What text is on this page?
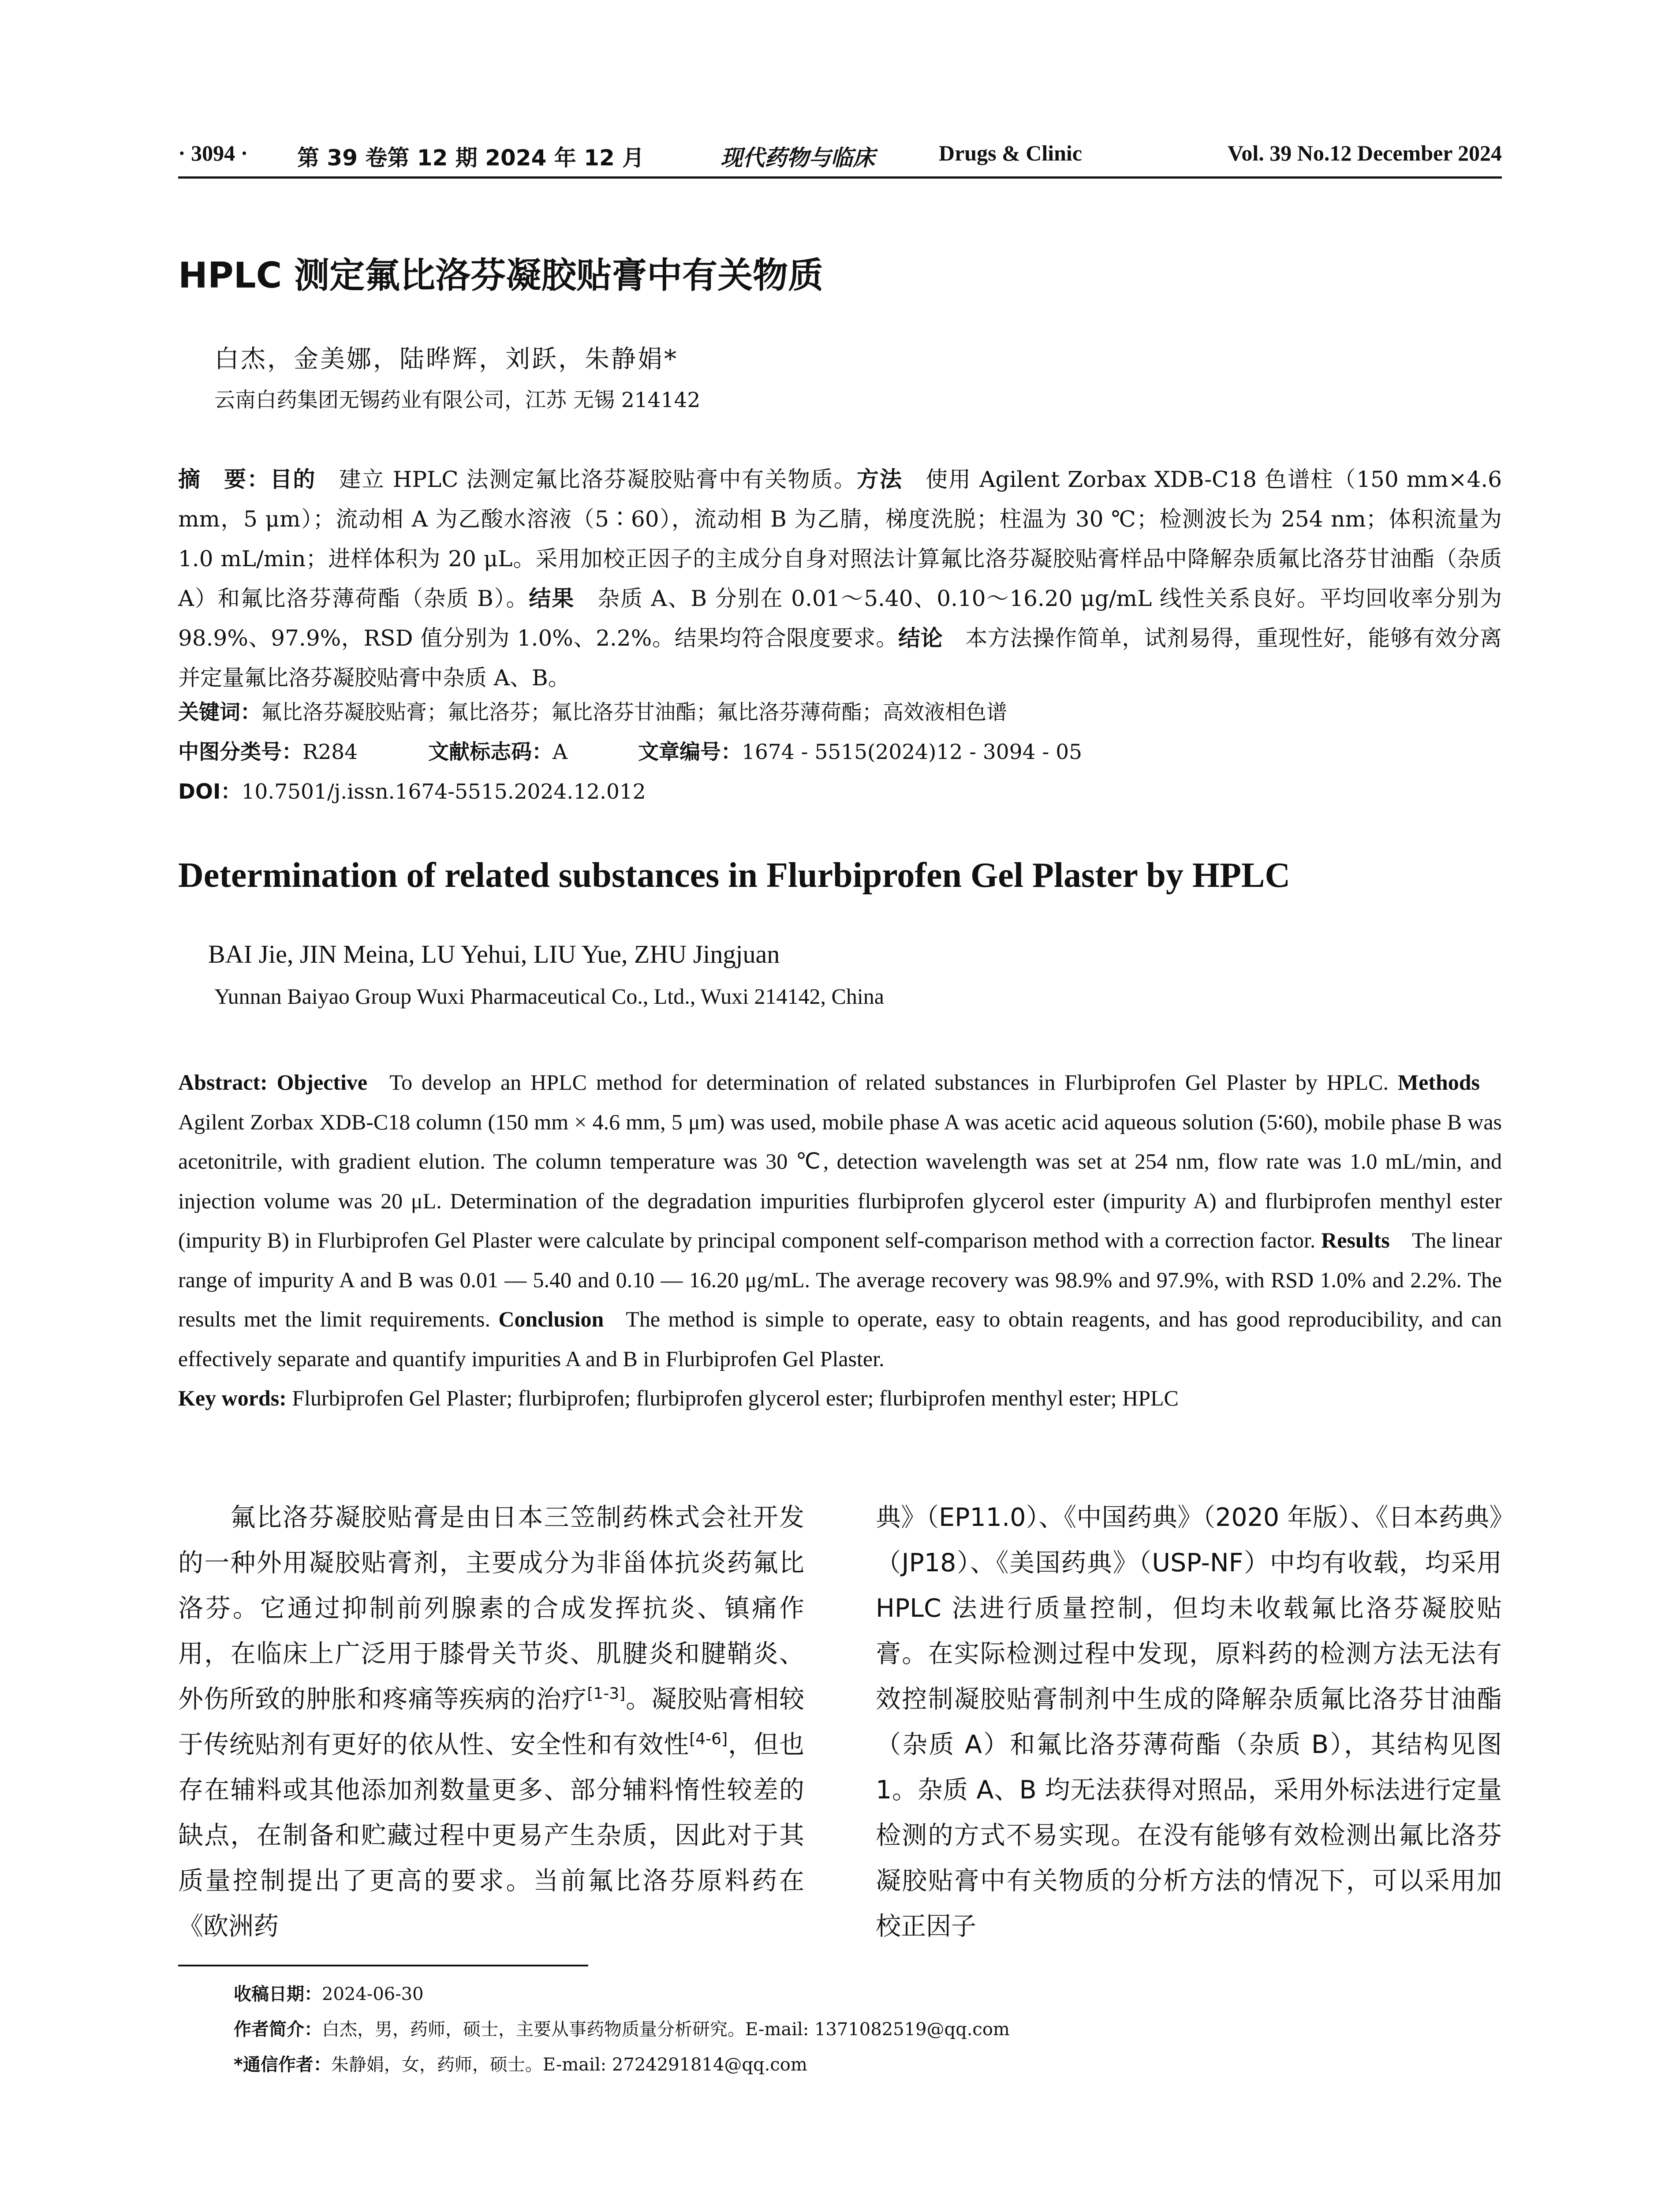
· 3094 · 第 39 卷第 12 期 2024 年 12 月	现代药物与临床	Drugs & Clinic	Vol. 39 No.12 December 2024
HPLC 测定氟比洛芬凝胶贴膏中有关物质
白杰，金美娜，陆晔辉，刘跃，朱静娟*
云南白药集团无锡药业有限公司，江苏 无锡 214142

摘　要：目的  建立 HPLC 法测定氟比洛芬凝胶贴膏中有关物质。方法  使用 Agilent Zorbax XDB-C18 色谱柱（150 mm×4.6 mm，5 μm）；流动相 A 为乙酸水溶液（5∶60），流动相 B 为乙腈，梯度洗脱；柱温为 30 ℃；检测波长为 254 nm；体积流量为 1.0 mL/min；进样体积为 20 μL。采用加校正因子的主成分自身对照法计算氟比洛芬凝胶贴膏样品中降解杂质氟比洛芬甘油酯（杂质 A）和氟比洛芬薄荷酯（杂质 B）。结果  杂质 A、B 分别在 0.01～5.40、0.10～16.20 μg/mL 线性关系良好。平均回收率分别为 98.9%、97.9%，RSD 值分别为 1.0%、2.2%。结果均符合限度要求。结论  本方法操作简单，试剂易得，重现性好，能够有效分离并定量氟比洛芬凝胶贴膏中杂质 A、B。

关键词：氟比洛芬凝胶贴膏；氟比洛芬；氟比洛芬甘油酯；氟比洛芬薄荷酯；高效液相色谱
中图分类号：R284	文献标志码：A	文章编号：1674 - 5515(2024)12 - 3094 - 05
DOI：10.7501/j.issn.1674-5515.2024.12.012
Determination of related substances in Flurbiprofen Gel Plaster by HPLC
BAI Jie, JIN Meina, LU Yehui, LIU Yue, ZHU Jingjuan
Yunnan Baiyao Group Wuxi Pharmaceutical Co., Ltd., Wuxi 214142, China
Abstract: Objective  To develop an HPLC method for determination of related substances in Flurbiprofen Gel Plaster by HPLC. Methods Agilent Zorbax XDB-C18 column (150 mm × 4.6 mm, 5 μm) was used, mobile phase A was acetic acid aqueous solution (5∶60), mobile phase B was acetonitrile, with gradient elution. The column temperature was 30 ℃, detection wavelength was set at 254 nm, flow rate was 1.0 mL/min, and injection volume was 20 μL. Determination of the degradation impurities flurbiprofen glycerol ester (impurity A) and flurbiprofen menthyl ester (impurity B) in Flurbiprofen Gel Plaster were calculate by principal component self-comparison method with a correction factor. Results  The linear range of impurity A and B was 0.01 — 5.40 and 0.10 — 16.20 μg/mL. The average recovery was 98.9% and 97.9%, with RSD 1.0% and 2.2%. The results met the limit requirements. Conclusion  The method is simple to operate, easy to obtain reagents, and has good reproducibility, and can effectively separate and quantify impurities A and B in Flurbiprofen Gel Plaster.
Key words: Flurbiprofen Gel Plaster; flurbiprofen; flurbiprofen glycerol ester; flurbiprofen menthyl ester; HPLC
　　氟比洛芬凝胶贴膏是由日本三笠制药株式会社开发的一种外用凝胶贴膏剂，主要成分为非甾体抗炎药氟比洛芬。它通过抑制前列腺素的合成发挥抗炎、镇痛作用，在临床上广泛用于膝骨关节炎、肌腱炎和腱鞘炎、外伤所致的肿胀和疼痛等疾病的治疗[1-3]。凝胶贴膏相较于传统贴剂有更好的依从性、安全性和有效性[4-6]，但也存在辅料或其他添加剂数量更多、部分辅料惰性较差的缺点，在制备和贮藏过程中更易产生杂质，因此对于其质量控制提出了更高的要求。当前氟比洛芬原料药在《欧洲药
典》（EP11.0）、《中国药典》（2020 年版）、《日本药典》（JP18）、《美国药典》（USP-NF）中均有收载，均采用 HPLC 法进行质量控制，但均未收载氟比洛芬凝胶贴膏。在实际检测过程中发现，原料药的检测方法无法有效控制凝胶贴膏制剂中生成的降解杂质氟比洛芬甘油酯（杂质 A）和氟比洛芬薄荷酯（杂质 B），其结构见图 1。杂质 A、B 均无法获得对照品，采用外标法进行定量检测的方式不易实现。在没有能够有效检测出氟比洛芬凝胶贴膏中有关物质的分析方法的情况下，可以采用加校正因子
收稿日期：2024-06-30
作者简介：白杰，男，药师，硕士，主要从事药物质量分析研究。E-mail: 1371082519@qq.com
*通信作者：朱静娟，女，药师，硕士。E-mail: 2724291814@qq.com
